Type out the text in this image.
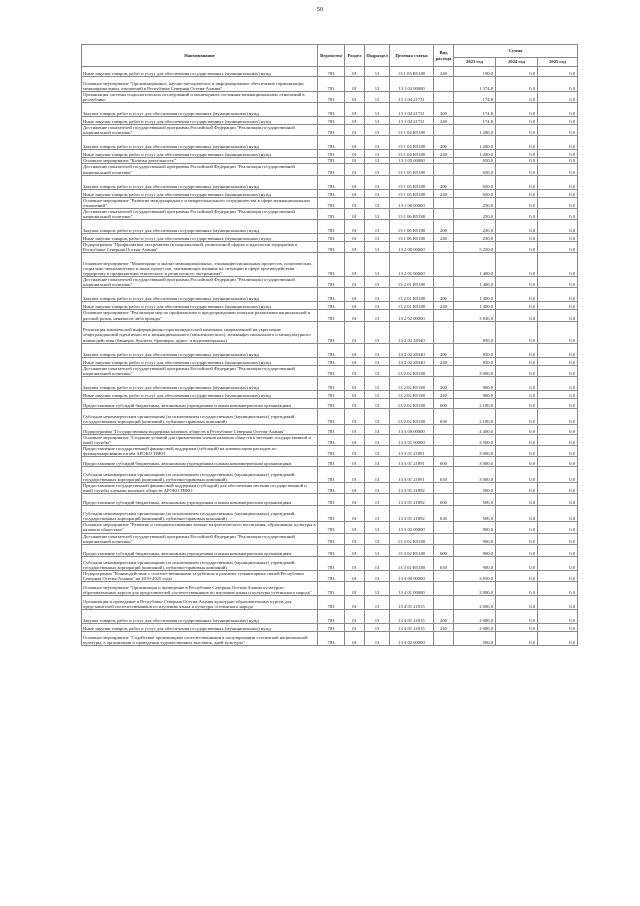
50
Наименование	Ведомство	Раздел	Подраздел	Целевая статья	Вид расхода	Сумма		
						2023 год	2024 год	2025 год
Иные закупки товаров, работ и услуг для обеспечения государственных (муниципальных) нужд	783	01	13	13 1 03 R5180	240	190,0	0,0	0,0
Основное мероприятие "Организационное, научно-методическое и информационное обеспечение гармонизации межнациональных отношений в Республике Северная Осетия-Алания"	783	01	13	13 1 04 00000		1 374,8	0,0	0,0
Организация системы социологических исследований и мониторинга состояния межнациональных отношений в республике	783	01	13	13 1 04 21731		174,8	0,0	0,0
Закупка товаров, работ и услуг для обеспечения государственных (муниципальных) нужд	783	01	13	13 1 04 21731	200	174,8	0,0	0,0
Иные закупки товаров, работ и услуг для обеспечения государственных (муниципальных) нужд	783	01	13	13 1 04 21731	240	174,8	0,0	0,0
Достижение показателей государственной программы Российской Федерации "Реализация государственной национальной политики"	783	01	13	13 1 04 R5180		1 200,0	0,0	0,0
Закупка товаров, работ и услуг для обеспечения государственных (муниципальных) нужд	783	01	13	13 1 04 R5180	200	1 200,0	0,0	0,0
Иные закупки товаров, работ и услуг для обеспечения государственных (муниципальных) нужд	783	01	13	13 1 04 R5180	240	1 200,0	0,0	0,0
Основное мероприятие "Казачья деятельность"	783	01	13	13 1 05 00000		650,0	0,0	0,0
Достижение показателей государственной программы Российской Федерации "Реализация государственной национальной политики"	783	01	13	13 1 05 R5180		650,0	0,0	0,0
Закупка товаров, работ и услуг для обеспечения государственных (муниципальных) нужд	783	01	13	13 1 05 R5180	200	650,0	0,0	0,0
Иные закупки товаров, работ и услуг для обеспечения государственных (муниципальных) нужд	783	01	13	13 1 05 R5180	240	650,0	0,0	0,0
Основное мероприятие "Развитие международного и межрегионального сотрудничества в сфере межнациональных отношений"	783	01	13	13 1 06 00000		250,0	0,0	0,0
Достижение показателей государственной программы Российской Федерации "Реализация государственной национальной политики"	783	01	13	13 1 06 R5180		250,0	0,0	0,0
Закупка товаров, работ и услуг для обеспечения государственных (муниципальных) нужд	783	01	13	13 1 06 R5180	200	250,0	0,0	0,0
Иные закупки товаров, работ и услуг для обеспечения государственных (муниципальных) нужд	783	01	13	13 1 06 R5180	240	250,0	0,0	0,0
Подпрограмма "Профилактика экстремизма (в национальной, религиозной сферах и идеологии терроризма в Республике Северная Осетия-Алания"	783	01	13	13 2 00 00000		5 250,0	0,0	0,0
Основное мероприятие "Мониторинг и анализ межнациональных, этноконфессиональных процессов, политических, социально-экономических и иных процессов, оказывающих влияние на ситуацию в сфере противодействия терроризму и профилактики этнического и религиозного экстремизма"	783	01	13	13 2 01 00000		1 400,0	0,0	0,0
Достижение показателей государственной программы Российской Федерации "Реализация государственной национальной политики"	783	01	13	13 2 01 R5180		1 400,0	0,0	0,0
Закупка товаров, работ и услуг для обеспечения государственных (муниципальных) нужд	783	01	13	13 2 01 R5180	200	1 400,0	0,0	0,0
Иные закупки товаров, работ и услуг для обеспечения государственных (муниципальных) нужд	783	01	13	13 2 01 R5180	240	1 400,0	0,0	0,0
Основное мероприятие "Реализация мер по профилактике и предупреждению попыток разжигания национальной и расовой розни, ненависти либо вражды"	783	01	13	13 2 02 00000		3 850,0	0,0	0,0
Реализация комплексной информационно-пропагандистской кампании, направленной на укрепление общегражданской идентичности и межнационального (межэтнического), межконфессионального и межкультурного взаимодействия (баннеры, буклеты, брошюры, аудио- и видеоматериалы)	783	01	13	13 2 02 28340		850,0	0,0	0,0
Закупка товаров, работ и услуг для обеспечения государственных (муниципальных) нужд	783	01	13	13 2 02 28340	200	850,0	0,0	0,0
Иные закупки товаров, работ и услуг для обеспечения государственных (муниципальных) нужд	783	01	13	13 2 02 28340	240	850,0	0,0	0,0
Достижение показателей государственной программы Российской Федерации "Реализация государственной национальной политики"	783	01	13	13 2 02 R5180		3 000,0	0,0	0,0
Закупка товаров, работ и услуг для обеспечения государственных (муниципальных) нужд	783	01	13	13 2 02 R5180	200	900,0	0,0	0,0
Иные закупки товаров, работ и услуг для обеспечения государственных (муниципальных) нужд	783	01	13	13 2 02 R5180	240	900,0	0,0	0,0
Предоставление субсидий бюджетным, автономным учреждениям и иным некоммерческим организациям	783	01	13	13 2 02 R5180	600	2 100,0	0,0	0,0
Субсидии некоммерческим организациям (за исключением государственных (муниципальных) учреждений, государственных корпораций (компаний), публично-правовых компаний)	783	01	13	13 2 02 R5180	630	2 100,0	0,0	0,0
Подпрограмма "Государственная поддержка казачьих обществ в Республике Северная Осетия-Алания"	783	01	13	13 3 00 00000		4 400,0	0,0	0,0
Основное мероприятие "Создание условий для привлечения членов казачьих обществ к несению государственной и иной службы"	783	01	13	13 3 01 00000		3 500,0	0,0	0,0
Предоставление государственной финансовой поддержки (субсидий) на компенсацию расходов по функционированию штаба АРОКО ТВКО	783	01	13	13 3 01 21891		3 000,0	0,0	0,0
Предоставление субсидий бюджетным, автономным учреждениям и иным некоммерческим организациям	783	01	13	13 3 01 21891	600	3 000,0	0,0	0,0
Субсидии некоммерческим организациям (за исключением государственных (муниципальных) учреждений, государственных корпораций (компаний), публично-правовых компаний)	783	01	13	13 3 01 21891	630	3 000,0	0,0	0,0
Предоставление государственной финансовой поддержки (субсидий) для обеспечения несения государственной и иной службы членами казачьих обществ АРОКО ТВКО	783	01	13	13 3 01 21892		500,0	0,0	0,0
Предоставление субсидий бюджетным, автономным учреждениям и иным некоммерческим организациям	783	01	13	13 3 01 21892	600	500,0	0,0	0,0
Субсидии некоммерческим организациям (за исключением государственных (муниципальных) учреждений, государственных корпораций (компаний), публично-правовых компаний)	783	01	13	13 3 01 21892	630	500,0	0,0	0,0
Основное мероприятие "Развитие и совершенствование военно-патриотического воспитания, образования, культуры в казачьих обществах"	783	01	13	13 3 02 00000		900,0	0,0	0,0
Достижение показателей государственной программы Российской Федерации "Реализация государственной национальной политики"	783	01	13	13 3 02 R5180		900,0	0,0	0,0
Предоставление субсидий бюджетным, автономным учреждениям и иным некоммерческим организациям	783	01	13	13 3 02 R5180	600	900,0	0,0	0,0
Субсидии некоммерческим организациям (за исключением государственных (муниципальных) учреждений, государственных корпораций (компаний), публично-правовых компаний)	783	01	13	13 3 02 R5180	630	900,0	0,0	0,0
Подпрограмма "Взаимодействие с соотечественниками за рубежом и развитие гуманитарных связей Республики Северная Осетия-Алания" на 2019-2025 годы	783	01	13	13 4 00 00000		3 650,0	0,0	0,0
Основное мероприятие "Организация и проведение в Республике Северная Осетия-Алания культурно-образовательных курсов для представителей соотечественников по изучению языка и культуры осетинского народа"	783	01	13	13 4 01 00000		2 000,0	0,0	0,0
Организация и проведение в Республике Северная Осетия-Алания культурно-образовательных курсов для представителей соотечественников по изучению языка и культуры осетинского народа	783	01	13	13 4 01 21815		2 000,0	0,0	0,0
Закупка товаров, работ и услуг для обеспечения государственных (муниципальных) нужд	783	01	13	13 4 01 21815	200	2 000,0	0,0	0,0
Иные закупки товаров, работ и услуг для обеспечения государственных (муниципальных) нужд	783	01	13	13 4 01 21815	240	2 000,0	0,0	0,0
Основное мероприятие "Содействие организациям соотечественников в популяризации осетинской национальной культуры, в организации и проведении художественных выставок, дней культуры"	783	01	13	13 4 02 00000		500,0	0,0	0,0
